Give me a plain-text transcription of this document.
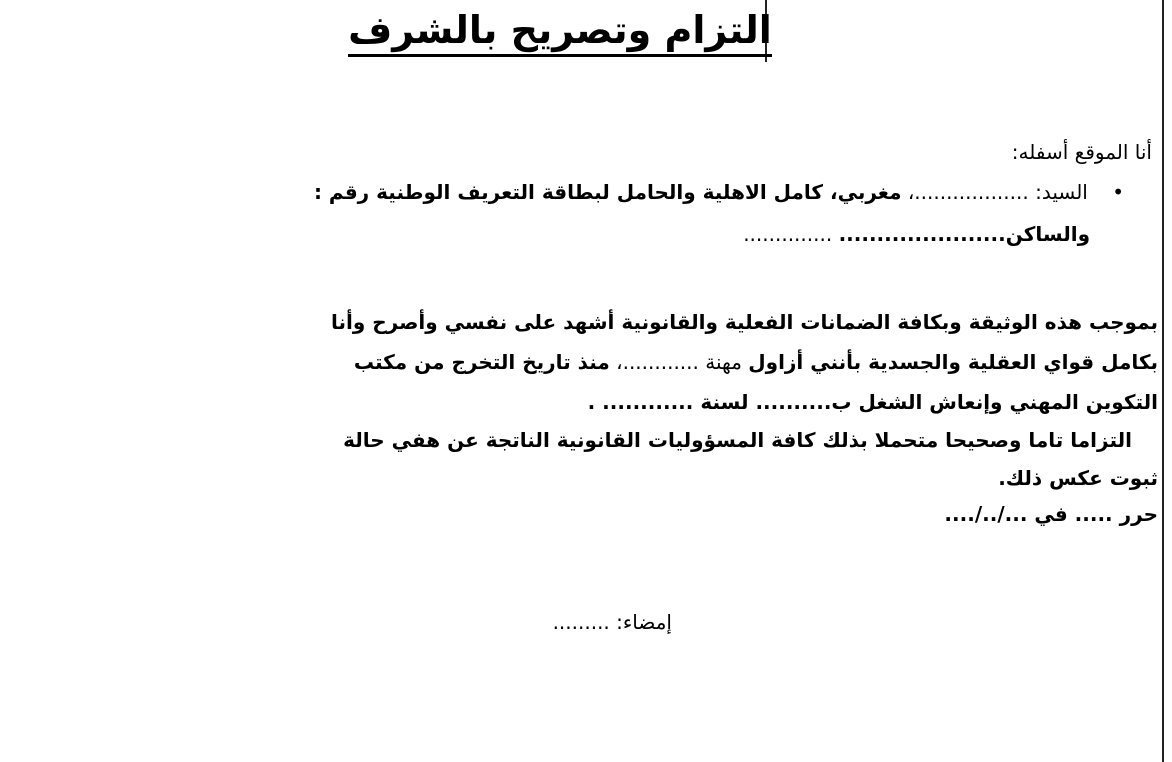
التزام وتصريح بالشرف
أنا الموقع أسفله:
• السيد: ..................، مغربي، كامل الاهلية والحامل لبطاقة التعريف الوطنية رقم :
والساكن...................... ..............
بموجب هذه الوثيقة وبكافة الضمانات الفعلية والقانونية أشهد على نفسي وأصرح وأنا
بكامل قواي العقلية والجسدية بأنني أزاول مهنة ............، منذ تاريخ التخرج من مكتب
التكوين المهني وإنعاش الشغل ب.......... لسنة ............ .
التزاما تاما وصحيحا متحملا بذلك كافة المسؤوليات القانونية الناتجة عن هفي حالة
ثبوت عكس ذلك.
حرر ..... في .../../....
إمضاء: .........
